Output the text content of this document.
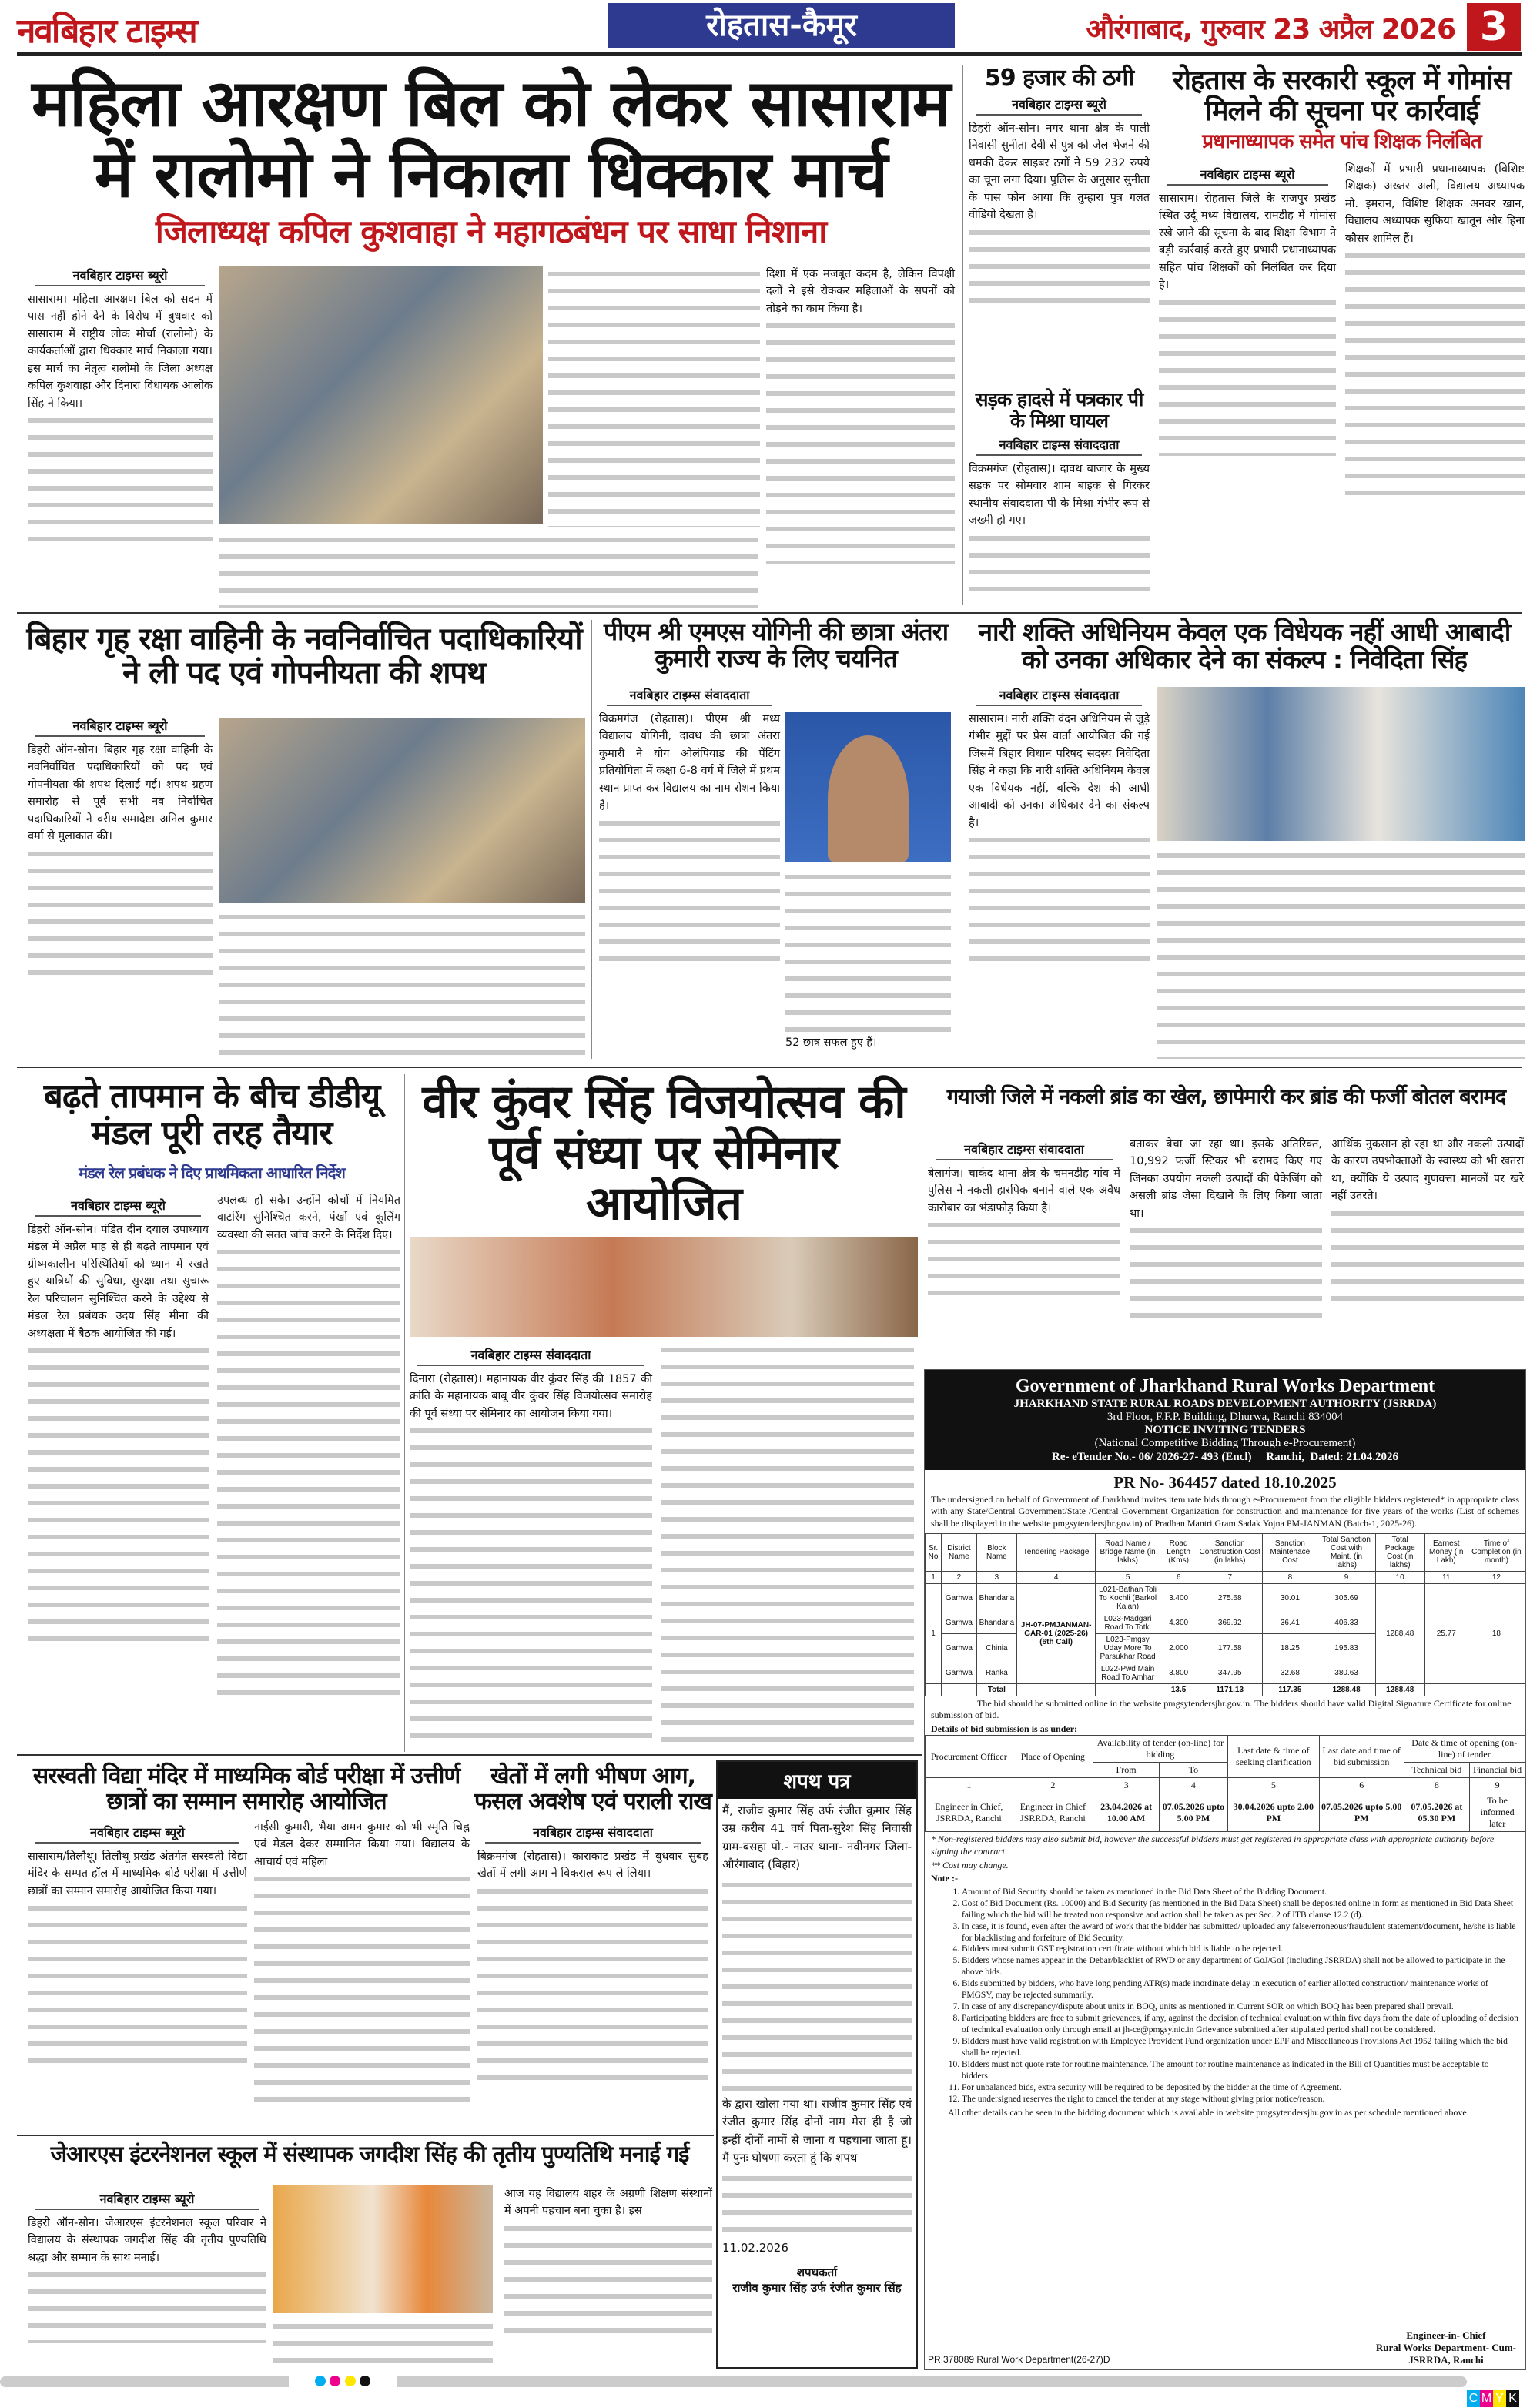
नवबिहार टाइम्स	रोहतास-कैमूर	औरंगाबाद, गुरुवार 23 अप्रैल 2026 3
महिला आरक्षण बिल को लेकर सासाराम में रालोमो ने निकाला धिक्कार मार्च
जिलाध्यक्ष कपिल कुशवाहा ने महागठबंधन पर साधा निशाना
नवबिहार टाइम्स ब्यूरो
सासाराम। महिला आरक्षण बिल को सदन में पास नहीं होने देने के विरोध में बुधवार को सासाराम में राष्ट्रीय लोक मोर्चा (रालोमो) के कार्यकर्ताओं द्वारा धिक्कार मार्च निकाला गया। इस मार्च का नेतृत्व रालोमो के जिला अध्यक्ष कपिल कुशवाहा और दिनारा विधायक आलोक सिंह ने किया।
दिशा में एक मजबूत कदम है, लेकिन विपक्षी दलों ने इसे रोककर महिलाओं के सपनों को तोड़ने का काम किया है।
59 हजार की ठगी
नवबिहार टाइम्स ब्यूरो
डिहरी ऑन-सोन। नगर थाना क्षेत्र के पाली निवासी सुनीता देवी से पुत्र को जेल भेजने की धमकी देकर साइबर ठगों ने 59 232 रुपये का चूना लगा दिया। पुलिस के अनुसार सुनीता के पास फोन आया कि तुम्हारा पुत्र गलत वीडियो देखता है।
सड़क हादसे में पत्रकार पी के मिश्रा घायल
नवबिहार टाइम्स संवाददाता
विक्रमगंज (रोहतास)। दावथ बाजार के मुख्य सड़क पर सोमवार शाम बाइक से गिरकर स्थानीय संवाददाता पी के मिश्रा गंभीर रूप से जख्मी हो गए।
रोहतास के सरकारी स्कूल में गोमांस मिलने की सूचना पर कार्रवाई
प्रधानाध्यापक समेत पांच शिक्षक निलंबित
नवबिहार टाइम्स ब्यूरो
सासाराम। रोहतास जिले के राजपुर प्रखंड स्थित उर्दू मध्य विद्यालय, रामडीह में गोमांस रखे जाने की सूचना के बाद शिक्षा विभाग ने बड़ी कार्रवाई करते हुए प्रभारी प्रधानाध्यापक सहित पांच शिक्षकों को निलंबित कर दिया है।
शिक्षकों में प्रभारी प्रधानाध्यापक (विशिष्ट शिक्षक) अख्तर अली, विद्यालय अध्यापक मो. इमरान, विशिष्ट शिक्षक अनवर खान, विद्यालय अध्यापक सुफिया खातून और हिना कौसर शामिल हैं।
बिहार गृह रक्षा वाहिनी के नवनिर्वाचित पदाधिकारियों ने ली पद एवं गोपनीयता की शपथ
नवबिहार टाइम्स ब्यूरो
डिहरी ऑन-सोन। बिहार गृह रक्षा वाहिनी के नवनिर्वाचित पदाधिकारियों को पद एवं गोपनीयता की शपथ दिलाई गई। शपथ ग्रहण समारोह से पूर्व सभी नव निर्वाचित पदाधिकारियों ने वरीय समादेष्टा अनिल कुमार वर्मा से मुलाकात की।
पीएम श्री एमएस योगिनी की छात्रा अंतरा कुमारी राज्य के लिए चयनित
नवबिहार टाइम्स संवाददाता
विक्रमगंज (रोहतास)। पीएम श्री मध्य विद्यालय योगिनी, दावथ की छात्रा अंतरा कुमारी ने योग ओलंपियाड की पेंटिंग प्रतियोगिता में कक्षा 6-8 वर्ग में जिले में प्रथम स्थान प्राप्त कर विद्यालय का नाम रोशन किया है।
52 छात्र सफल हुए हैं।
नारी शक्ति अधिनियम केवल एक विधेयक नहीं आधी आबादी को उनका अधिकार देने का संकल्प : निवेदिता सिंह
नवबिहार टाइम्स संवाददाता
सासाराम। नारी शक्ति वंदन अधिनियम से जुड़े गंभीर मुद्दों पर प्रेस वार्ता आयोजित की गई जिसमें बिहार विधान परिषद सदस्य निवेदिता सिंह ने कहा कि नारी शक्ति अधिनियम केवल एक विधेयक नहीं, बल्कि देश की आधी आबादी को उनका अधिकार देने का संकल्प है।
बढ़ते तापमान के बीच डीडीयू मंडल पूरी तरह तैयार
मंडल रेल प्रबंधक ने दिए प्राथमिकता आधारित निर्देश
नवबिहार टाइम्स ब्यूरो
डिहरी ऑन-सोन। पंडित दीन दयाल उपाध्याय मंडल में अप्रैल माह से ही बढ़ते तापमान एवं ग्रीष्मकालीन परिस्थितियों को ध्यान में रखते हुए यात्रियों की सुविधा, सुरक्षा तथा सुचारू रेल परिचालन सुनिश्चित करने के उद्देश्य से मंडल रेल प्रबंधक उदय सिंह मीना की अध्यक्षता में बैठक आयोजित की गई।
उपलब्ध हो सके। उन्होंने कोचों में नियमित वाटरिंग सुनिश्चित करने, पंखों एवं कूलिंग व्यवस्था की सतत जांच करने के निर्देश दिए।
वीर कुंवर सिंह विजयोत्सव की पूर्व संध्या पर सेमिनार आयोजित
नवबिहार टाइम्स संवाददाता
दिनारा (रोहतास)। महानायक वीर कुंवर सिंह की 1857 की क्रांति के महानायक बाबू वीर कुंवर सिंह विजयोत्सव समारोह की पूर्व संध्या पर सेमिनार का आयोजन किया गया।
गयाजी जिले में नकली ब्रांड का खेल, छापेमारी कर ब्रांड की फर्जी बोतल बरामद
नवबिहार टाइम्स संवाददाता
बेलागंज। चाकंद थाना क्षेत्र के चमनडीह गांव में पुलिस ने नकली हारपिक बनाने वाले एक अवैध कारोबार का भंडाफोड़ किया है।
बताकर बेचा जा रहा था। इसके अतिरिक्त, 10,992 फर्जी स्टिकर भी बरामद किए गए जिनका उपयोग नकली उत्पादों की पैकेजिंग को असली ब्रांड जैसा दिखाने के लिए किया जाता था।
आर्थिक नुकसान हो रहा था और नकली उत्पादों के कारण उपभोक्ताओं के स्वास्थ्य को भी खतरा था, क्योंकि ये उत्पाद गुणवत्ता मानकों पर खरे नहीं उतरते।
Government of Jharkhand Rural Works Department
JHARKHAND STATE RURAL ROADS DEVELOPMENT AUTHORITY (JSRRDA)
3rd Floor, F.F.P. Building, Dhurwa, Ranchi 834004
NOTICE INVITING TENDERS
(National Competitive Bidding Through e-Procurement)
Re- eTender No.- 06/ 2026-27- 493 (Encl)     Ranchi,  Dated: 21.04.2026
PR No- 364457 dated 18.10.2025
The undersigned on behalf of Government of Jharkhand invites item rate bids through e-Procurement from the eligible bidders registered* in appropriate class with any State/Central Government/State /Central Government Organization for construction and maintenance for five years of the works (List of schemes shall be displayed in the website pmgsytendersjhr.gov.in) of Pradhan Mantri Gram Sadak Yojna PM-JANMAN (Batch-1, 2025-26).
Sr. No	District Name	Block Name	Tendering Package	Road Name / Bridge Name (in lakhs)	Road Length (Kms)	Sanction Construction Cost (in lakhs)	Sanction Maintenace Cost	Total Sanction Cost with Maint. (in lakhs)	Total Package Cost (in lakhs)	Earnest Money (In Lakh)	Time of Completion (in month)
1	2	3	4	5	6	7	8	9	10	11	12
1	Garhwa	Bhandaria	JH-07-PMJANMAN- GAR-01 (2025-26) (6th Call)	L021-Bathan Toli To Kochli (Barkol Kalan)	3.400	275.68	30.01	305.69	1288.48	25.77	18
	Garhwa	Bhandaria		L023-Madgari Road To Totki	4.300	369.92	36.41	406.33			
	Garhwa	Chinia		L023-Pmgsy Uday More To Parsukhar Road	2.000	177.58	18.25	195.83			
	Garhwa	Ranka		L022-Pwd Main Road To Amhar	3.800	347.95	32.68	380.63			
		Total			13.5	1171.13	117.35	1288.48	1288.48		
The bid should be submitted online in the website pmgsytendersjhr.gov.in. The bidders should have valid Digital Signature Certificate for online submission of bid.
Details of bid submission is as under:
Procurement Officer	Place of Opening	Availability of tender (on-line) for bidding		Last date & time of seeking clarification	Last date and time of bid submission	Date & time of opening (on-line) of tender	
		From	To			Technical bid	Financial bid
1	2	3	4	5	6	8	9
Engineer in Chief, JSRRDA, Ranchi	Engineer in Chief JSRRDA, Ranchi	23.04.2026 at 10.00 AM	07.05.2026 upto 5.00 PM	30.04.2026 upto 2.00 PM	07.05.2026 upto 5.00 PM	07.05.2026 at 05.30 PM	To be informed later
* Non-registered bidders may also submit bid, however the successful bidders must get registered in appropriate class with appropriate authority before signing the contract.
** Cost may change.
Note :-
1. Amount of Bid Security should be taken as mentioned in the Bid Data Sheet of the Bidding Document.
2. Cost of Bid Document (Rs. 10000) and Bid Security (as mentioned in the Bid Data Sheet) shall be deposited online in form as mentioned in Bid Data Sheet failing which the bid will be treated non responsive and action shall be taken as per Sec. 2 of ITB clause 12.2 (d).
3. In case, it is found, even after the award of work that the bidder has submitted/ uploaded any false/erroneous/fraudulent statement/document, he/she is liable for blacklisting and forfeiture of Bid Security.
4. Bidders must submit GST registration certificate without which bid is liable to be rejected.
5. Bidders whose names appear in the Debar/blacklist of RWD or any department of GoJ/GoI (including JSRRDA) shall not be allowed to participate in the above bids.
6. Bids submitted by bidders, who have long pending ATR(s) made inordinate delay in execution of earlier allotted construction/ maintenance works of PMGSY, may be rejected summarily.
7. In case of any discrepancy/dispute about units in BOQ, units as mentioned in Current SOR on which BOQ has been prepared shall prevail.
8. Participating bidders are free to submit grievances, if any, against the decision of technical evaluation within five days from the date of uploading of decision of technical evaluation only through email at jh-ce@pmgsy.nic.in Grievance submitted after stipulated period shall not be considered.
9. Bidders must have valid registration with Employee Provident Fund organization under EPF and Miscellaneous Provisions Act 1952 failing which the bid shall be rejected.
10. Bidders must not quote rate for routine maintenance. The amount for routine maintenance as indicated in the Bill of Quantities must be acceptable to bidders.
11. For unbalanced bids, extra security will be required to be deposited by the bidder at the time of Agreement.
12. The undersigned reserves the right to cancel the tender at any stage without giving prior notice/reason.
All other details can be seen in the bidding document which is available in website pmgsytendersjhr.gov.in as per schedule mentioned above.
Engineer-in- Chief
Rural Works Department- Cum-
JSRRDA, Ranchi
PR 378089 Rural Work Department(26-27)D
सरस्वती विद्या मंदिर में माध्यमिक बोर्ड परीक्षा में उत्तीर्ण छात्रों का सम्मान समारोह आयोजित
नवबिहार टाइम्स ब्यूरो
सासाराम/तिलौथू। तिलौथू प्रखंड अंतर्गत सरस्वती विद्या मंदिर के सम्पत हॉल में माध्यमिक बोर्ड परीक्षा में उत्तीर्ण छात्रों का सम्मान समारोह आयोजित किया गया।
नाईसी कुमारी, भैया अमन कुमार को भी स्मृति चिह्न एवं मेडल देकर सम्मानित किया गया। विद्यालय के आचार्य एवं महिला
खेतों में लगी भीषण आग, फसल अवशेष एवं पराली राख
नवबिहार टाइम्स संवाददाता
बिक्रमगंज (रोहतास)। काराकाट प्रखंड में बुधवार सुबह खेतों में लगी आग ने विकराल रूप ले लिया।
शपथ पत्र
मैं, राजीव कुमार सिंह उर्फ रंजीत कुमार सिंह उम्र करीब 41 वर्ष पिता-सुरेश सिंह निवासी ग्राम-बसहा पो.- नाउर थाना- नवीनगर जिला-औरंगाबाद (बिहार)
के द्वारा खोला गया था। राजीव कुमार सिंह एवं रंजीत कुमार सिंह दोनों नाम मेरा ही है जो इन्हीं दोनों नामों से जाना व पहचाना जाता हूं। मैं पुनः घोषणा करता हूं कि शपथ
11.02.2026
शपथकर्ता
राजीव कुमार सिंह उर्फ रंजीत कुमार सिंह
जेआरएस इंटरनेशनल स्कूल में संस्थापक जगदीश सिंह की तृतीय पुण्यतिथि मनाई गई
नवबिहार टाइम्स ब्यूरो
डिहरी ऑन-सोन। जेआरएस इंटरनेशनल स्कूल परिवार ने विद्यालय के संस्थापक जगदीश सिंह की तृतीय पुण्यतिथि श्रद्धा और सम्मान के साथ मनाई।
आज यह विद्यालय शहर के अग्रणी शिक्षण संस्थानों में अपनी पहचान बना चुका है। इस

C M Y K
